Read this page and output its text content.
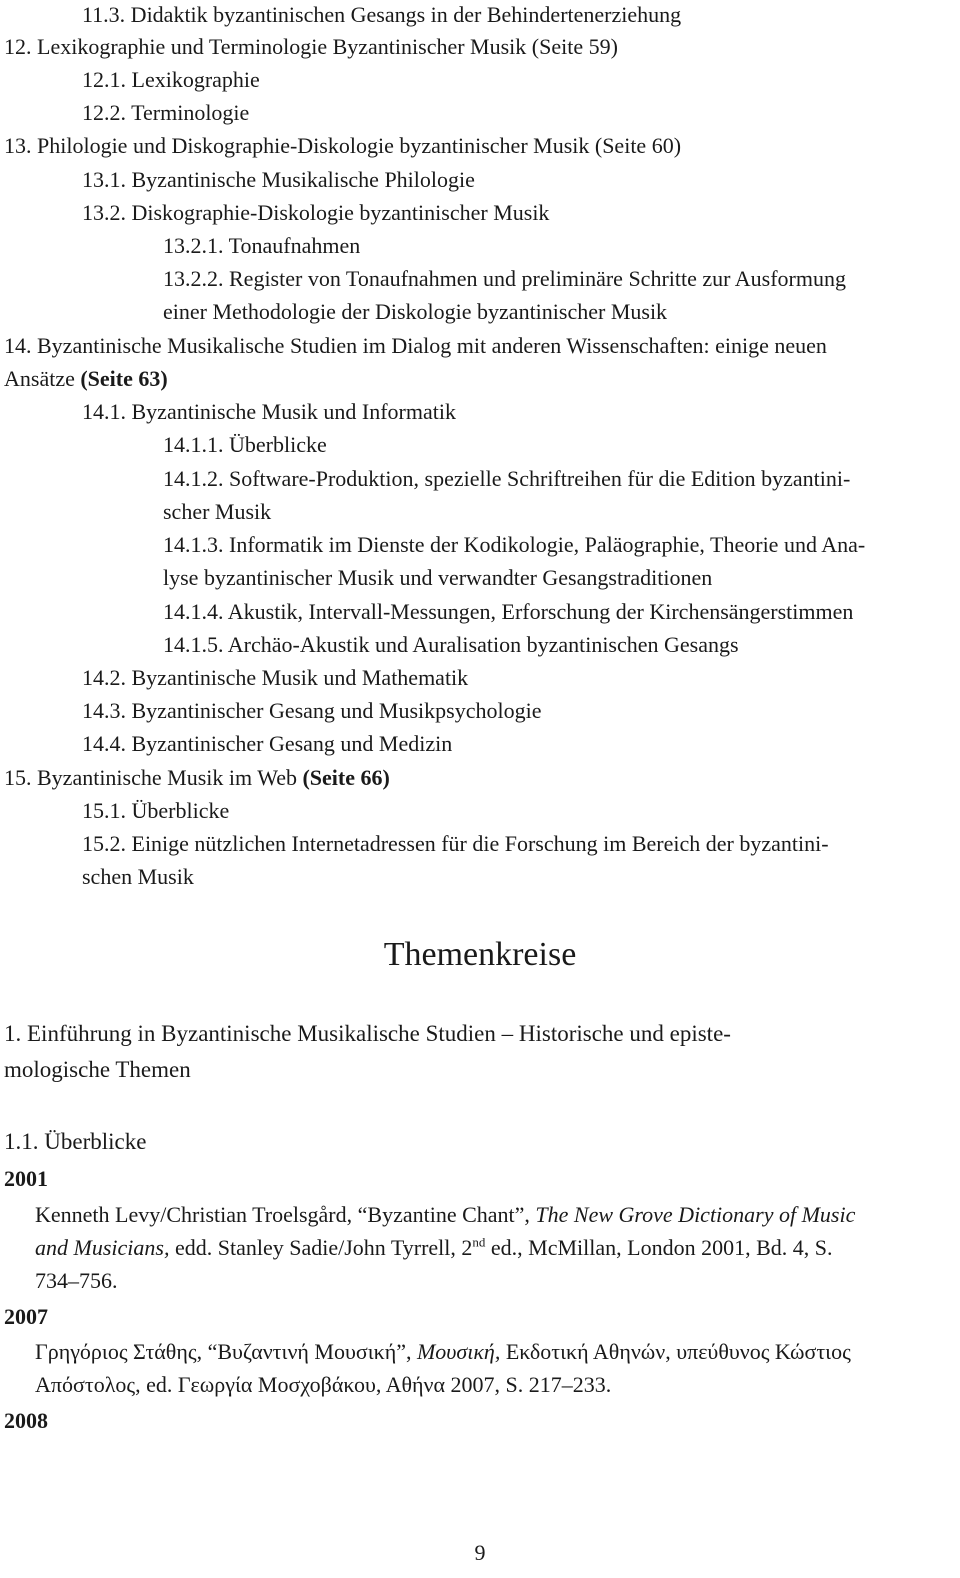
11.3. Didaktik byzantinischen Gesangs in der Behindertenerziehung
12. Lexikographie und Terminologie Byzantinischer Musik (Seite 59)
12.1. Lexikographie
12.2. Terminologie
13. Philologie und Diskographie-Diskologie byzantinischer Musik (Seite 60)
13.1. Byzantinische Musikalische Philologie
13.2. Diskographie-Diskologie byzantinischer Musik
13.2.1. Tonaufnahmen
13.2.2. Register von Tonaufnahmen und preliminäre Schritte zur Ausformung
einer Methodologie der Diskologie byzantinischer Musik
14. Byzantinische Musikalische Studien im Dialog mit anderen Wissenschaften: einige neuen
Ansätze (Seite 63)
14.1. Byzantinische Musik und Informatik
14.1.1. Überblicke
14.1.2. Software-Produktion, spezielle Schriftreihen für die Edition byzantini-
scher Musik
14.1.3. Informatik im Dienste der Kodikologie, Paläographie, Theorie und Ana-
lyse byzantinischer Musik und verwandter Gesangstraditionen
14.1.4. Akustik, Intervall-Messungen, Erforschung der Kirchensängerstimmen
14.1.5. Archäo-Akustik und Auralisation byzantinischen Gesangs
14.2. Byzantinische Musik und Mathematik
14.3. Byzantinischer Gesang und Musikpsychologie
14.4. Byzantinischer Gesang und Medizin
15. Byzantinische Musik im Web (Seite 66)
15.1. Überblicke
15.2. Einige nützlichen Internetadressen für die Forschung im Bereich der byzantini-
schen Musik
Themenkreise
1. Einführung in Byzantinische Musikalische Studien – Historische und episte-
mologische Themen
1.1. Überblicke
2001
Kenneth Levy/Christian Troelsgård, “Byzantine Chant”, The New Grove Dictionary of Music
and Musicians, edd. Stanley Sadie/John Tyrrell, 2nd ed., McMillan, London 2001, Bd. 4, S.
734–756.
2007
Γρηγόριος Στάθης, “Βυζαντινή Μουσική”, Μουσική, Εκδοτική Αθηνών, υπεύθυνος Κώστιος
Απόστολος, ed. Γεωργία Μοσχοβάκου, Αθήνα 2007, S. 217–233.
2008
9
